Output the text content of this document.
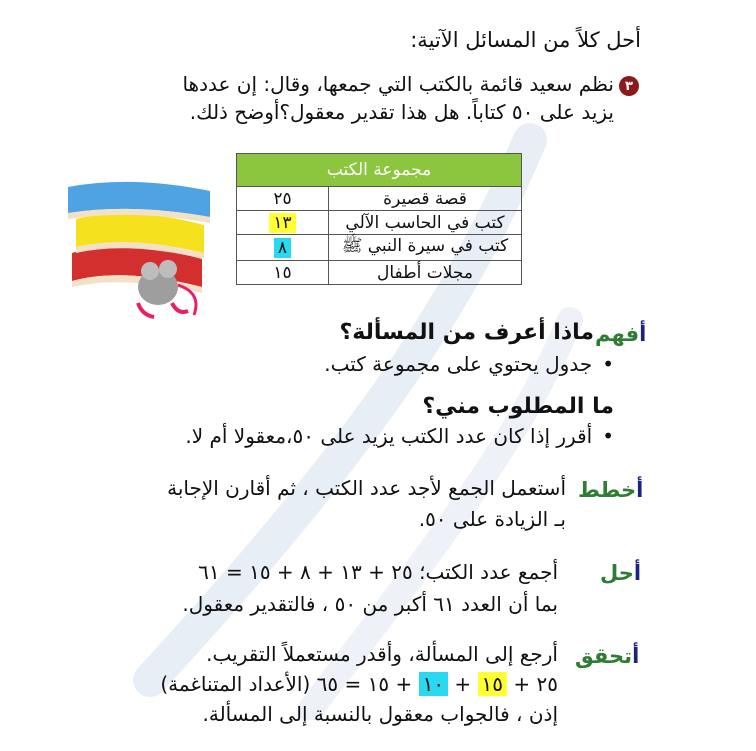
أحل كلاً من المسائل الآتية:
٣
نظم سعيد قائمة بالكتب التي جمعها، وقال: إن عددها
يزيد على ٥٠ كتاباً. هل هذا تقدير معقول؟أوضح ذلك.
مجموعة الكتب	
قصة قصيرة	٢٥
كتب في الحاسب الآلي	١٣
كتب في سيرة النبي ﷺ	٨
مجلات أطفال	١٥
أفهم
ماذا أعرف من المسألة؟
• جدول يحتوي على مجموعة كتب.
ما المطلوب مني؟
• أقرر إذا كان عدد الكتب يزيد على ٥٠،معقولا أم لا.
أخطط
أستعمل الجمع لأجد عدد الكتب ، ثم أقارن الإجابة
بـ الزيادة على ٥٠.
أحل
أجمع عدد الكتب؛ ٢٥ + ١٣ + ٨ + ١٥ = ٦١
بما أن العدد ٦١ أكبر من ٥٠ ، فالتقدير معقول.
أتحقق
أرجع إلى المسألة، وأقدر مستعملاً التقريب.
٢٥ + ١٥ + ١٠ + ١٥ = ٦٥ (الأعداد المتناغمة)
إذن ، فالجواب معقول بالنسبة إلى المسألة.
